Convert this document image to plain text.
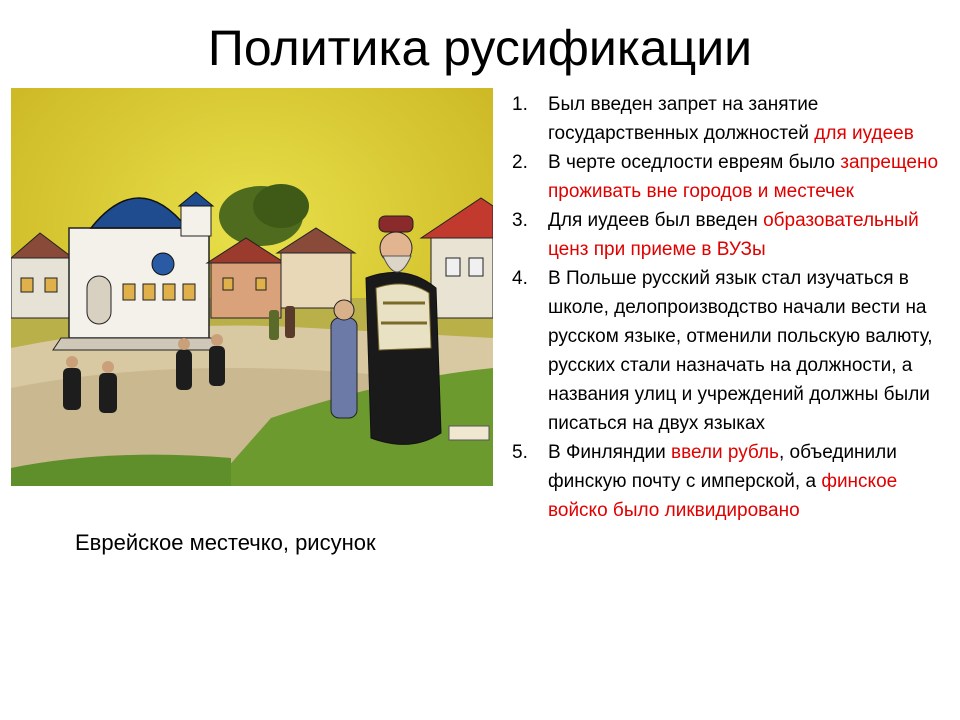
Политика русификации
Еврейское местечко, рисунок
1. Был введен запрет на занятие государственных должностей для иудеев
2. В черте оседлости евреям было запрещено проживать вне городов и местечек
3. Для иудеев был введен образовательный ценз при приеме в ВУЗы
4. В Польше русский язык стал изучаться в школе, делопроизводство начали вести на русском языке, отменили польскую валюту, русских стали назначать на должности, а названия улиц и учреждений должны были писаться на двух языках
5. В Финляндии ввели рубль, объединили финскую почту с имперской, а финское войско было ликвидировано
